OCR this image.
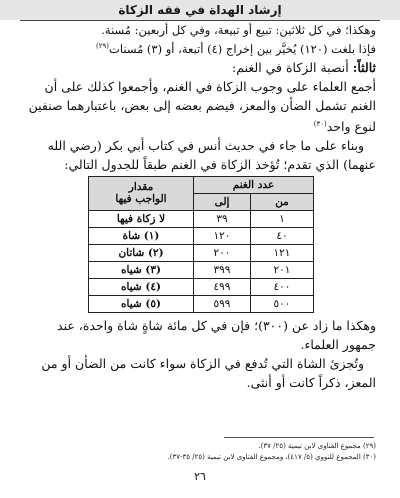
إرشاد الهداة في فقه الزكاة

وهكذا؛ في كل ثلاثين: تبيع أو تبيعة، وفي كل أربعين: مُسنة.

فإذا بلغت (١٢٠) يُخيَّر بين إخراج (٤) أتبعة، أو (٣) مُسنات$^{(٢٩)}$

ثالثاً: أنصبة الزكاة في الغنم:

أجمع العلماء على وجوب الزكاة في الغنم، وأجمعوا كذلك على أن

الغنم تشمل الضأن والمعز، فيضم بعضه إلى بعض، باعتبارهما صنفين

لنوع واحد$^{(٣٠)}$

وبناء على ما جاء في حديث أنس في كتاب أبي بكر (رضي الله

عنهما) الذي تقدم؛ تُؤخذ الزكاة في الغنم طبقاً للجدول التالي:

عدد الغنم		مقدار
الواجب فيها

من	إلى	
١	٣٩	لا زكاة فيها
٤٠	١٢٠	(١) شاة
١٢١	٢٠٠	(٢) شاتان
٢٠١	٣٩٩	(٣) شياه
٤٠٠	٤٩٩	(٤) شياه
٥٠٠	٥٩٩	(٥) شياه

وهكذا ما زاد عن (٣٠٠)؛ فإن في كل مائة شاةٍ شاة واحدة، عند

جمهور العلماء.

وتُجزئ الشاة التي تُدفع في الزكاة سواء كانت من الضأن أو من

المعز، ذكراً كانت أو أنثى.

(٢٩) مجموع الفتاوى لابن تيمية (٢٥/ ٣٧).

(٣٠) المجموع للنووي (٥/ ٤١٧)، ومجموع الفتاوى لابن تيمية (٢٥/ ٣٥-٣٧).

٢٦
